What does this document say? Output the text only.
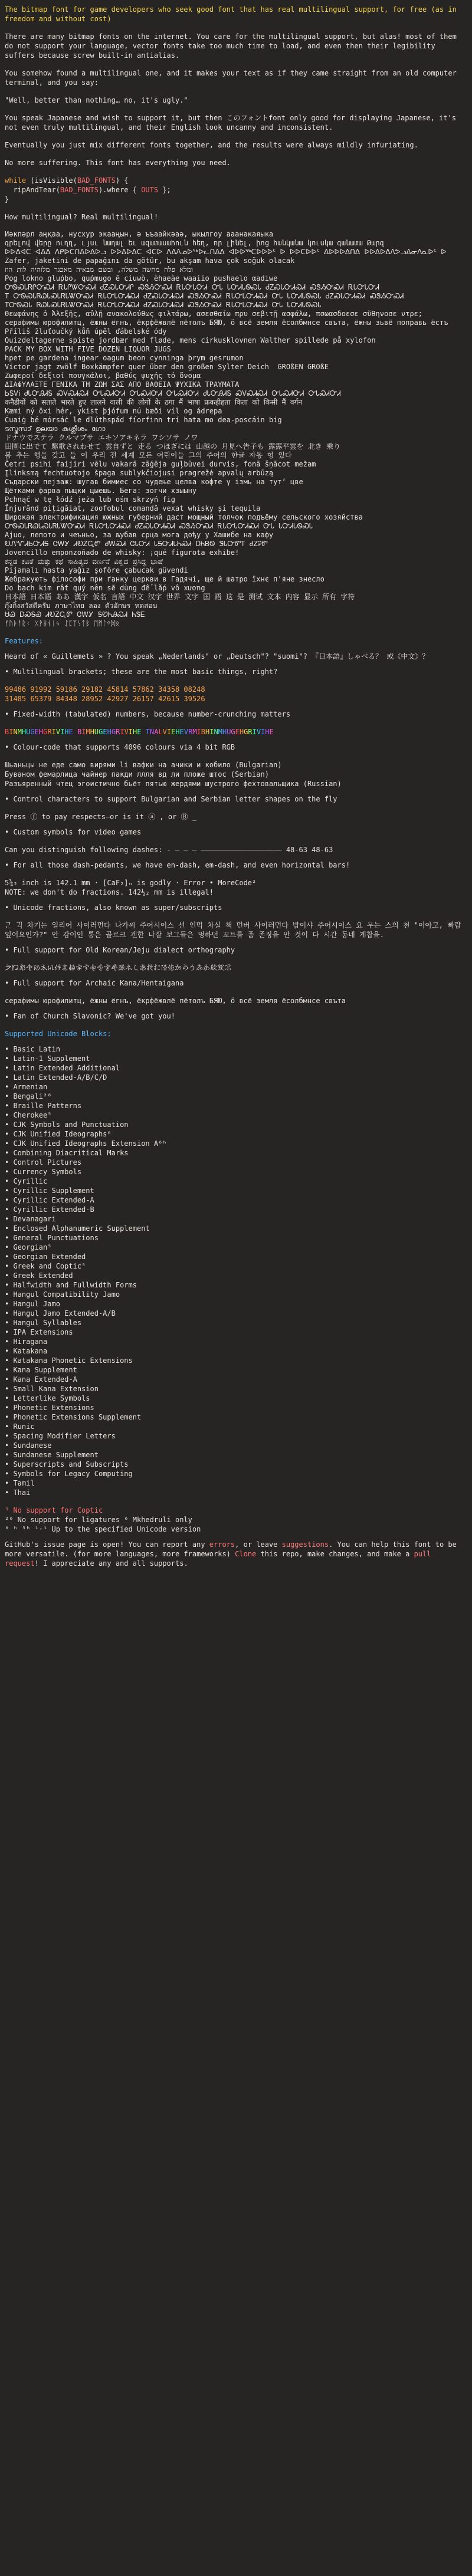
The bitmap font for game developers who seek good font that has real multilingual support, for free (as in freedom and without cost)
There are many bitmap fonts on the internet. You care for the multilingual support, but alas! most of them do not support your language, vector fonts take too much time to load, and even then their legibility suffers because screw built-in antialias.
You somehow found a multilingual one, and it makes your text as if they came straight from an old computer terminal, and you say:
"Well, better than nothing… no, it's ugly."
You speak Japanese and wish to support it, but then このフォントfont only good for displaying Japanese, it's not even truly multilingual, and their English look uncanny and inconsistent.
Eventually you just mix different fonts together, and the results were always mildly infuriating.
No more suffering. This font has everything you need.
while (isVisible(BAD_FONTS) {
ripAndTear(BAD_FONTS).where { OUTS };
}
How multilingual? Real multilingual!
Иәкпәрл аңқаа, нусхур экааңын, ә ъъаайкәаә, ыкылгоу ааанакаяыка
գրելով վերը ուղղ, ւյսւ նադալ եւ ազատասահուն հեղ, որ լինել, իոց հանկանա կուսկա գանատա Թարզ
ᐅᐅᐃᐊᑕ ᐊᐃᐃ ᐱᑭᐅᑕᑎᐃᐅᐃᐅᓗ ᐅᐅᐃᐅᐃᑕ ᐊᑕᐅ ᐱᐃᐱᓄᐅᖅᐅᓚᑎᐃᐃ ᐊᐅᐅᖅᑕᐅᐅᐅᑦ ᐅ ᐅᐅᑕᐅᐅᑦ ᐃᐅᐅᐅᐃᑎᐃ ᐅᐅᐃᐅᐃᐱᕗᓗᐃᓂᐱᓇᐅᑦ ᐅ
Zafer, jaketini de papağını da götür, bu akşam hava çok soğuk olacak
ומלא פלח מחשה משלה, ובשם מבאיה מאכגר מלוהיה לות הוז
Pog lokno gluṕbo, quṕmugo ẽ ciuwò, èhaeàe waaiio pushaelo αadiwe
ᏅᏫᏍᏓᏒᎵᏅᏍᏗ ᎡᏓᎵᏔᏅᏍᏗ ᏧᏃᏍᏓᏅᏗᎵ ᏍᏕᏱᏅᏍᏗ ᎡᏓᏅᏓᏅᏗ ᏅᏓ ᏓᏅᏗᏓᏫᏍᏓ ᏧᏃᏍᏓᏅᏗᏍᏗ ᏍᏕᏱᏅᏍᏗ ᎡᏓᏅᏓᏅᏗ
T ᏅᏫᏍᏓᏒᏇᏓᏍᏓᏒᏓᏔᏅᏍᏗ ᎡᏓᏅᏓᏅᏗᏍᏗ ᏧᏃᏍᏓᏅᏗᏍᏗ ᏍᏕᏱᏅᏍᏗ ᎡᏓᏅᏓᏅᏗᏍᏗ ᏅᏓ ᏓᏅᏗᏓᏫᏍᏓ ᏧᏃᏍᏓᏅᏗᏍᏗ ᏍᏕᏱᏅᏍᏗ
TᏅᏫᏍᏓ ᏒᏇᏓᏍᏓᏒᏓᏔᏅᏍᏗ ᎡᏓᏅᏓᏅᏗᏍᏗ ᏧᏃᏍᏓᏅᏗᏍᏗ ᏍᏕᏱᏅᏍᏗ ᎡᏓᏅᏓᏅᏗᏍᏗ ᏅᏓ ᏓᏅᏗᏓᏫᏍᏓ
Θεωφάνης ὁ Ἀλεξῆς, αὐλῇ ανακολούθως φιλτάρω, ασεσθαίω πρυ σεβιτῇ ασφάλω, πσωασδοεσε σῦθηνοσε ντρε;
серафимы юрофилитц, ёжны ёгнъ, ёкрфёжвлё пётолъ БЯЮ, ö всё земля ёсолбмнсе свътa, ёжны зьвё поправь ёстъ
Příliš žluťoučký kůň úpěl ďábelské ódy
Quizdeltagerne spiste jordbær med fløde, mens cirkusklovnen Walther spillede på xylofon
PACK MY BOX WITH FIVE DOZEN LIQUOR JUGS
hpet pe gardena ingear oagum beon cynninga þrym gesrumon
Victor jagt zwölf Boxkämpfer quer über den großen Sylter Deich  GROßEN GROßE
Ζωφεροί δεξιοί πουγκάλοι, βαθύς ψυχής τό ὄνομα
ΔΙΑΦΥΛΑΞΤΕ ΓΕΝΙΚΑ ΤΗ ΖΩΗ ΣΑΣ ΑΠΟ ΒΑΘΕΙΑ ΨΥΧΙΚΑ ΤΡΑΥΜΑΤΑ
ᏏᎦᏙᎥ ᏧᏓᏅᎯᏗᎦ ᏍᏙᏍᏗᏍᏗ ᏅᏓᏍᏗᏅᏗ ᏅᏓᏍᏗᏅᏗ ᏅᏓᏍᏗᏅᏗ ᏧᏓᏅᎯᏗᎦ ᏍᏙᏍᏗᏍᏗ ᏅᏓᏍᏗᏅᏗ ᏅᏓᏍᏗᏅᏗ
कनैडीयों को सताते भारते हुए लालने वाली की लोगों के ठगा मैं भाषा फ्रकहीहता किता को किसी मैं वर्गन
Kæmi ný öxi hér, ykist þjófum nú bæði víl og ádrepa
Ċuaiġ bé mórsáċ le dlúthspád fíorfinn trí hata mo dea-poscáin big
ടസ്ട്രസാ് ഉലയാ കുശ്ലീശം ഗോ
ドナウでステラ クルマプサ エキソアキネラ ワシソサ ノワ
田園に出でて 駆歌されわせて 雲自ずと 走る つほぎには 山越の 月見へ告子も 露露平雲を 北き 乘り
봄 추는 행을 갖고 들 이 우리 전 세계 모든 어린이들 그의 주어의 한글 자동 형 있다
Četri psihi faijiri vēlu vakarā zāģēja guļbūvei durvis, fonā šņācot mežam
Įlinksmą fechtuotojo špaga sublykčiojusi pragrežė apvalų arbūzą
Съдарски пејзаж: шугав бимиес со чудење целва кофте ү ізмь на тутʻ цве
Щётками фарва пыцки цыешь. Бега: зогчи хзыыну
Pchnąć w tę łódź jeża lub ośm skrzyń fig
Înjurând pițigăiat, zoofobul comandă vexat whisky și tequila
Широкая электрификация южных губерний даст мощный толчок подъёму сельского хозяйства
ᏅᏫᏍᏓᏒᏇᏓᏍᏓᏒᏓᏔᏅᏍᏗ ᎡᏓᏅᏓᏅᏗᏍᏗ ᏧᏃᏍᏓᏅᏗᏍᏗ ᏍᏕᏱᏅᏍᏗ ᎡᏓᏅᏓᏅᏗᏍᏗ ᏅᏓ ᏓᏅᏗᏓᏫᏍᏓ
Ajuo, лепото и чеъньо, за љубав срца мога дођу у Хашибе на кафу
ᎧᏁᏉᏗᏏᏅᏗᎦ ᏣᎳᎩ ᏗᎧᏃᏩᏛ ᏧᎳᏍᏗ ᏣᏓᏅᏗ ᏓᎦᏅᏗᏓᏂᏍᏗ ᎠᏂᏴᏫ ᏕᏓᏅᏛᎢ ᏧᏃᎮᏛ
Jovencillo emponzoñado de whisky: ¡qué figurota exhibe!
ಕನ್ನಡ ಕವಿತೆ ಮತ್ತು ಕಥೆ ಸಾಹಿತ್ಯದ ವರ್ಣನೆ ವಿಶ್ವದ ಪ್ರಸಿದ್ಧ ಭಾಷೆ
Pijamalı hasta yağız şoföre çabucak güvendi
Жебракують філософи при ґанку церкви в Гадячі, ще й шатро їхнє п'яне знесло
Do bạch kim rất quý nên sẽ dùng để lắp vô xương
日本語 日本語 ああ 漢字 仮名 言語 中文 汉字 世界 文字 国 語 这 是 测试 文本 内容 显示 所有 字符
กุ๊งกิ๋งสวัสดีครับ ภาษาไทย ลอง ตัวอักษร ทดสอบ
ᏌᏊ ᎠᏍᎦᏯ ᏗᎧᏃᏩᏛ ᏣᎳᎩ ᎦᏬᏂᎯᏍᏗ ᏂᏕᎬ
ᚠᚢᚦᚨᚱᚲ ᚷᚹᚺᚾᛁᛃ ᛇᛈᛉᛊᛏᛒ ᛖᛗᛚᛜᛞᛟ
Features:
Heard of « Guillemets » ? You speak „Nederlands" or „Deutsch"? "suomi"? 『日本語』しゃべる？ 或《中文》？
• Multilingual brackets; these are the most basic things, right?
99486 91992 59186 29182 45814 57862 34358 08248
31485 65379 84348 28952 42927 26157 42615 39526
• Fixed-width (tabulated) numbers, because number-crunching matters
BINMHUGEHGRIVIHE BIMHUGEHGRIVIHE TNALVIEHEVRMIBHINMHUGEHGRIVIHE
• Colour-code that supports 4096 colours via 4 bit RGB
Шьаньцы не еде само вирями li вафки на ачики и кобило (Bulgarian)
Буваном фемарлица чайнер пакди ллля вд ли пложе штос (Serbian)
Разъяренный чтец эгоистично бьёт пятью жердями шустрого фехтовальщика (Russian)
• Control characters to support Bulgarian and Serbian letter shapes on the fly
Press ⓕ to pay respects—or is it ⓐ , or Ⓑ _
• Custom symbols for video games
Can you distinguish following dashes: ‐ – — ― ——————————————————— 48-63 48-63
• For all those dash-pedants, we have en-dash, em-dash, and even horizontal bars!
5¾₂ inch is 142.1 mm · [CaF₂]ₙ is godly · Error • MoreCode²
NOTE: we don't do fractions. 142½₂ mm is illegal!
• Unicode fractions, also known as super/subscripts
ᄀᆞᆫ ᄀᆡᆨ 차기는 일리어 사이러먼다 나가씨 주어시이스 선 인먹 차실 책 먼버 사이러먼다 밤이샤 주어시이스 요 무는 스의 천 "이아고, 빠람 잎어요인가?" 안 감이인 통은 골르크 겐한 나잘 보그들은 멍하던 꼬트를 좀 존징을 만 것이 다 시간 동네 게찹을.
• Full support for Old Korean/Jeju dialect orthography
𛀀𛀁𛀂𛀃𛀄𛀅𛀆𛀇𛀈𛀉𛀊𛀋𛀌𛀍𛀎𛀏𛀐𛀑𛀒𛀓𛀔𛀕𛀖𛀗𛀘𛀙𛀚𛀛𛀜𛀝𛀞𛀟
• Full support for Archaic Kana/Hentaigana
серафимы юрофилитц, ёжны ёгнъ, ёкрфёжвлё пётолъ БЯЮ, ö всё земля ёсолбмнсе свътa
• Fan of Church Slavonic? We've got you!
Supported Unicode Blocks:
• Basic Latin
• Latin-1 Supplement
• Latin Extended Additional
• Latin Extended-A/B/C/D
• Armenian
• Bengali²⁶
• Braille Patterns
• Cherokee⁵
• CJK Symbols and Punctuation
• CJK Unified Ideographs⁶
• CJK Unified Ideographs Extension A⁶ʰ
• Combining Diacritical Marks
• Control Pictures
• Currency Symbols
• Cyrillic
• Cyrillic Supplement
• Cyrillic Extended-A
• Cyrillic Extended-B
• Devanagari
• Enclosed Alphanumeric Supplement
• General Punctuations
• Georgian⁵
• Georgian Extended
• Greek and Coptic⁵
• Greek Extended
• Halfwidth and Fullwidth Forms
• Hangul Compatibility Jamo
• Hangul Jamo
• Hangul Jamo Extended-A/B
• Hangul Syllables
• IPA Extensions
• Hiragana
• Katakana
• Katakana Phonetic Extensions
• Kana Supplement
• Kana Extended-A
• Small Kana Extension
• Letterlike Symbols
• Phonetic Extensions
• Phonetic Extensions Supplement
• Runic
• Spacing Modifier Letters
• Sundanese
• Sundanese Supplement
• Superscripts and Subscripts
• Symbols for Legacy Computing
• Tamil
• Thai
⁵ No support for Coptic
²⁶ No support for ligatures ⁶ Mkhedruli only
⁶ ʰ ⁵ʰ ¹·¹ Up to the specified Unicode version
GitHub's issue page is open! You can report any errors, or leave suggestions. You can help this font to be more versatile. (for more languages, more frameworks) Clone this repo, make changes, and make a pull request! I appreciate any and all supports.
